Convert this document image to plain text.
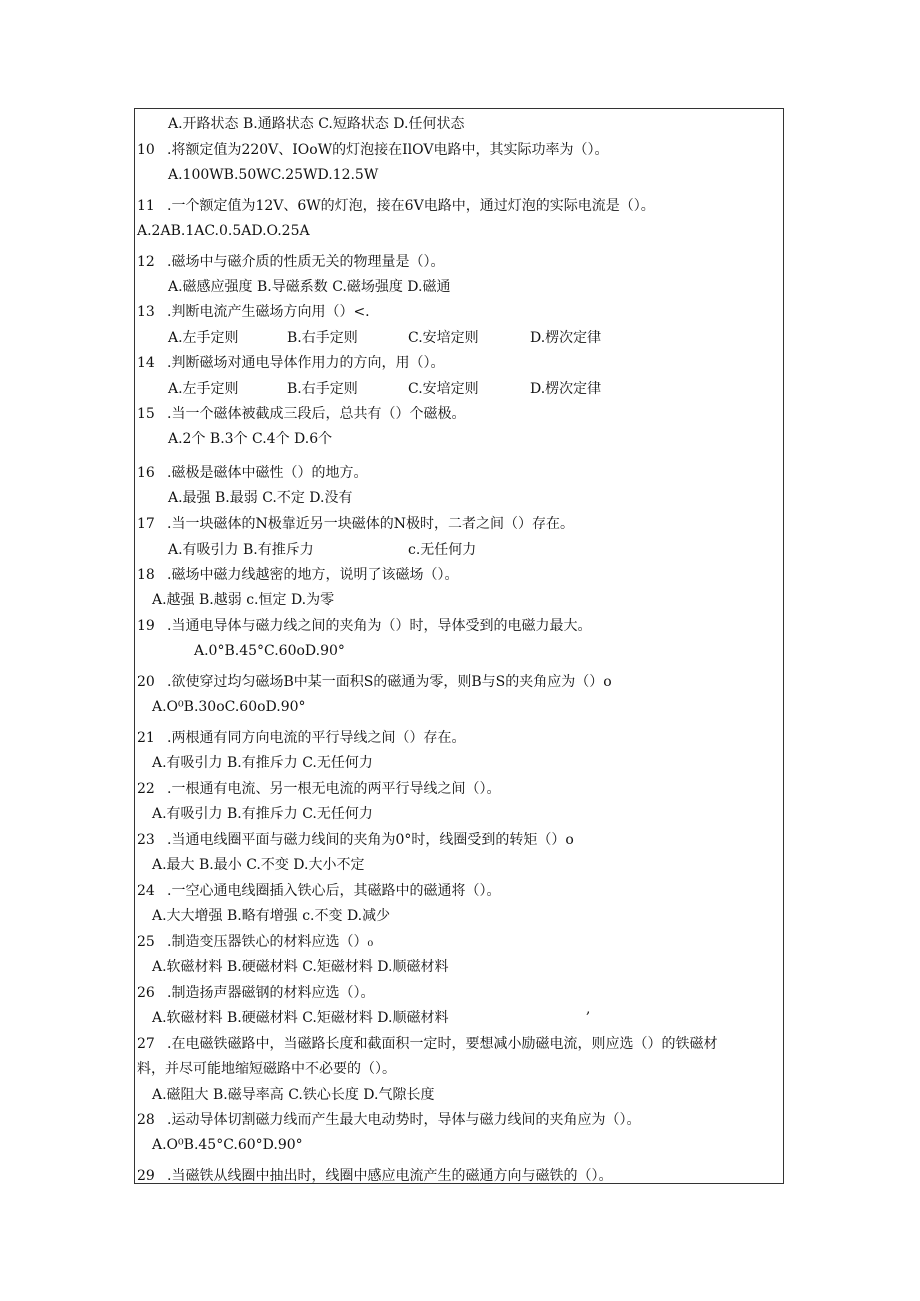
A.开路状态 B.通路状态 C.短路状态 D.任何状态
10 .将额定值为220V、IOoW的灯泡接在IlOV电路中，其实际功率为（）。
A.100WB.50WC.25WD.12.5W
11 .一个额定值为12V、6W的灯泡，接在6V电路中，通过灯泡的实际电流是（）。
A.2AB.1AC.0.5AD.O.25A
12 .磁场中与磁介质的性质无关的物理量是（）。
A.磁感应强度 B.导磁系数 C.磁场强度 D.磁通
13 .判断电流产生磁场方向用（）<.
A.左手定则	B.右手定则	C.安培定则	D.楞次定律
14 .判断磁场对通电导体作用力的方向，用（）。
A.左手定则	B.右手定则	C.安培定则	D.楞次定律
15 .当一个磁体被截成三段后，总共有（）个磁极。
A.2个 B.3个 C.4个 D.6个
16 .磁极是磁体中磁性（）的地方。
A.最强 B.最弱 C.不定 D.没有
17 .当一块磁体的N极靠近另一块磁体的N极时，二者之间（）存在。
A.有吸引力 B.有推斥力	c.无任何力
18 .磁场中磁力线越密的地方，说明了该磁场（）。
A.越强 B.越弱 c.恒定 D.为零
19 .当通电导体与磁力线之间的夹角为（）时，导体受到的电磁力最大。
A.0°B.45°C.60oD.90°
20 .欲使穿过均匀磁场B中某一面积S的磁通为零，则B与S的夹角应为（）o
A.O⁰B.30oC.60oD.90°
21 .两根通有同方向电流的平行导线之间（）存在。
A.有吸引力 B.有推斥力 C.无任何力
22 .一根通有电流、另一根无电流的两平行导线之间（）。
A.有吸引力 B.有推斥力 C.无任何力
23 .当通电线圈平面与磁力线间的夹角为0°时，线圈受到的转矩（）o
A.最大 B.最小 C.不变 D.大小不定
24 .一空心通电线圈插入铁心后，其磁路中的磁通将（）。
A.大大增强 B.略有增强 c.不变 D.减少
25 .制造变压器铁心的材料应选（）₀
A.软磁材料 B.硬磁材料 C.矩磁材料 D.顺磁材料
26 .制造扬声器磁钢的材料应选（）。
,
A.软磁材料 B.硬磁材料 C.矩磁材料 D.顺磁材料
27 .在电磁铁磁路中，当磁路长度和截面积一定时，要想减小励磁电流，则应选（）的铁磁材
料，并尽可能地缩短磁路中不必要的（）。
A.磁阻大 B.磁导率高 C.铁心长度 D.气隙长度
28 .运动导体切割磁力线而产生最大电动势时，导体与磁力线间的夹角应为（）。
A.O⁰B.45°C.60°D.90°
29 .当磁铁从线圈中抽出时，线圈中感应电流产生的磁通方向与磁铁的（）。
